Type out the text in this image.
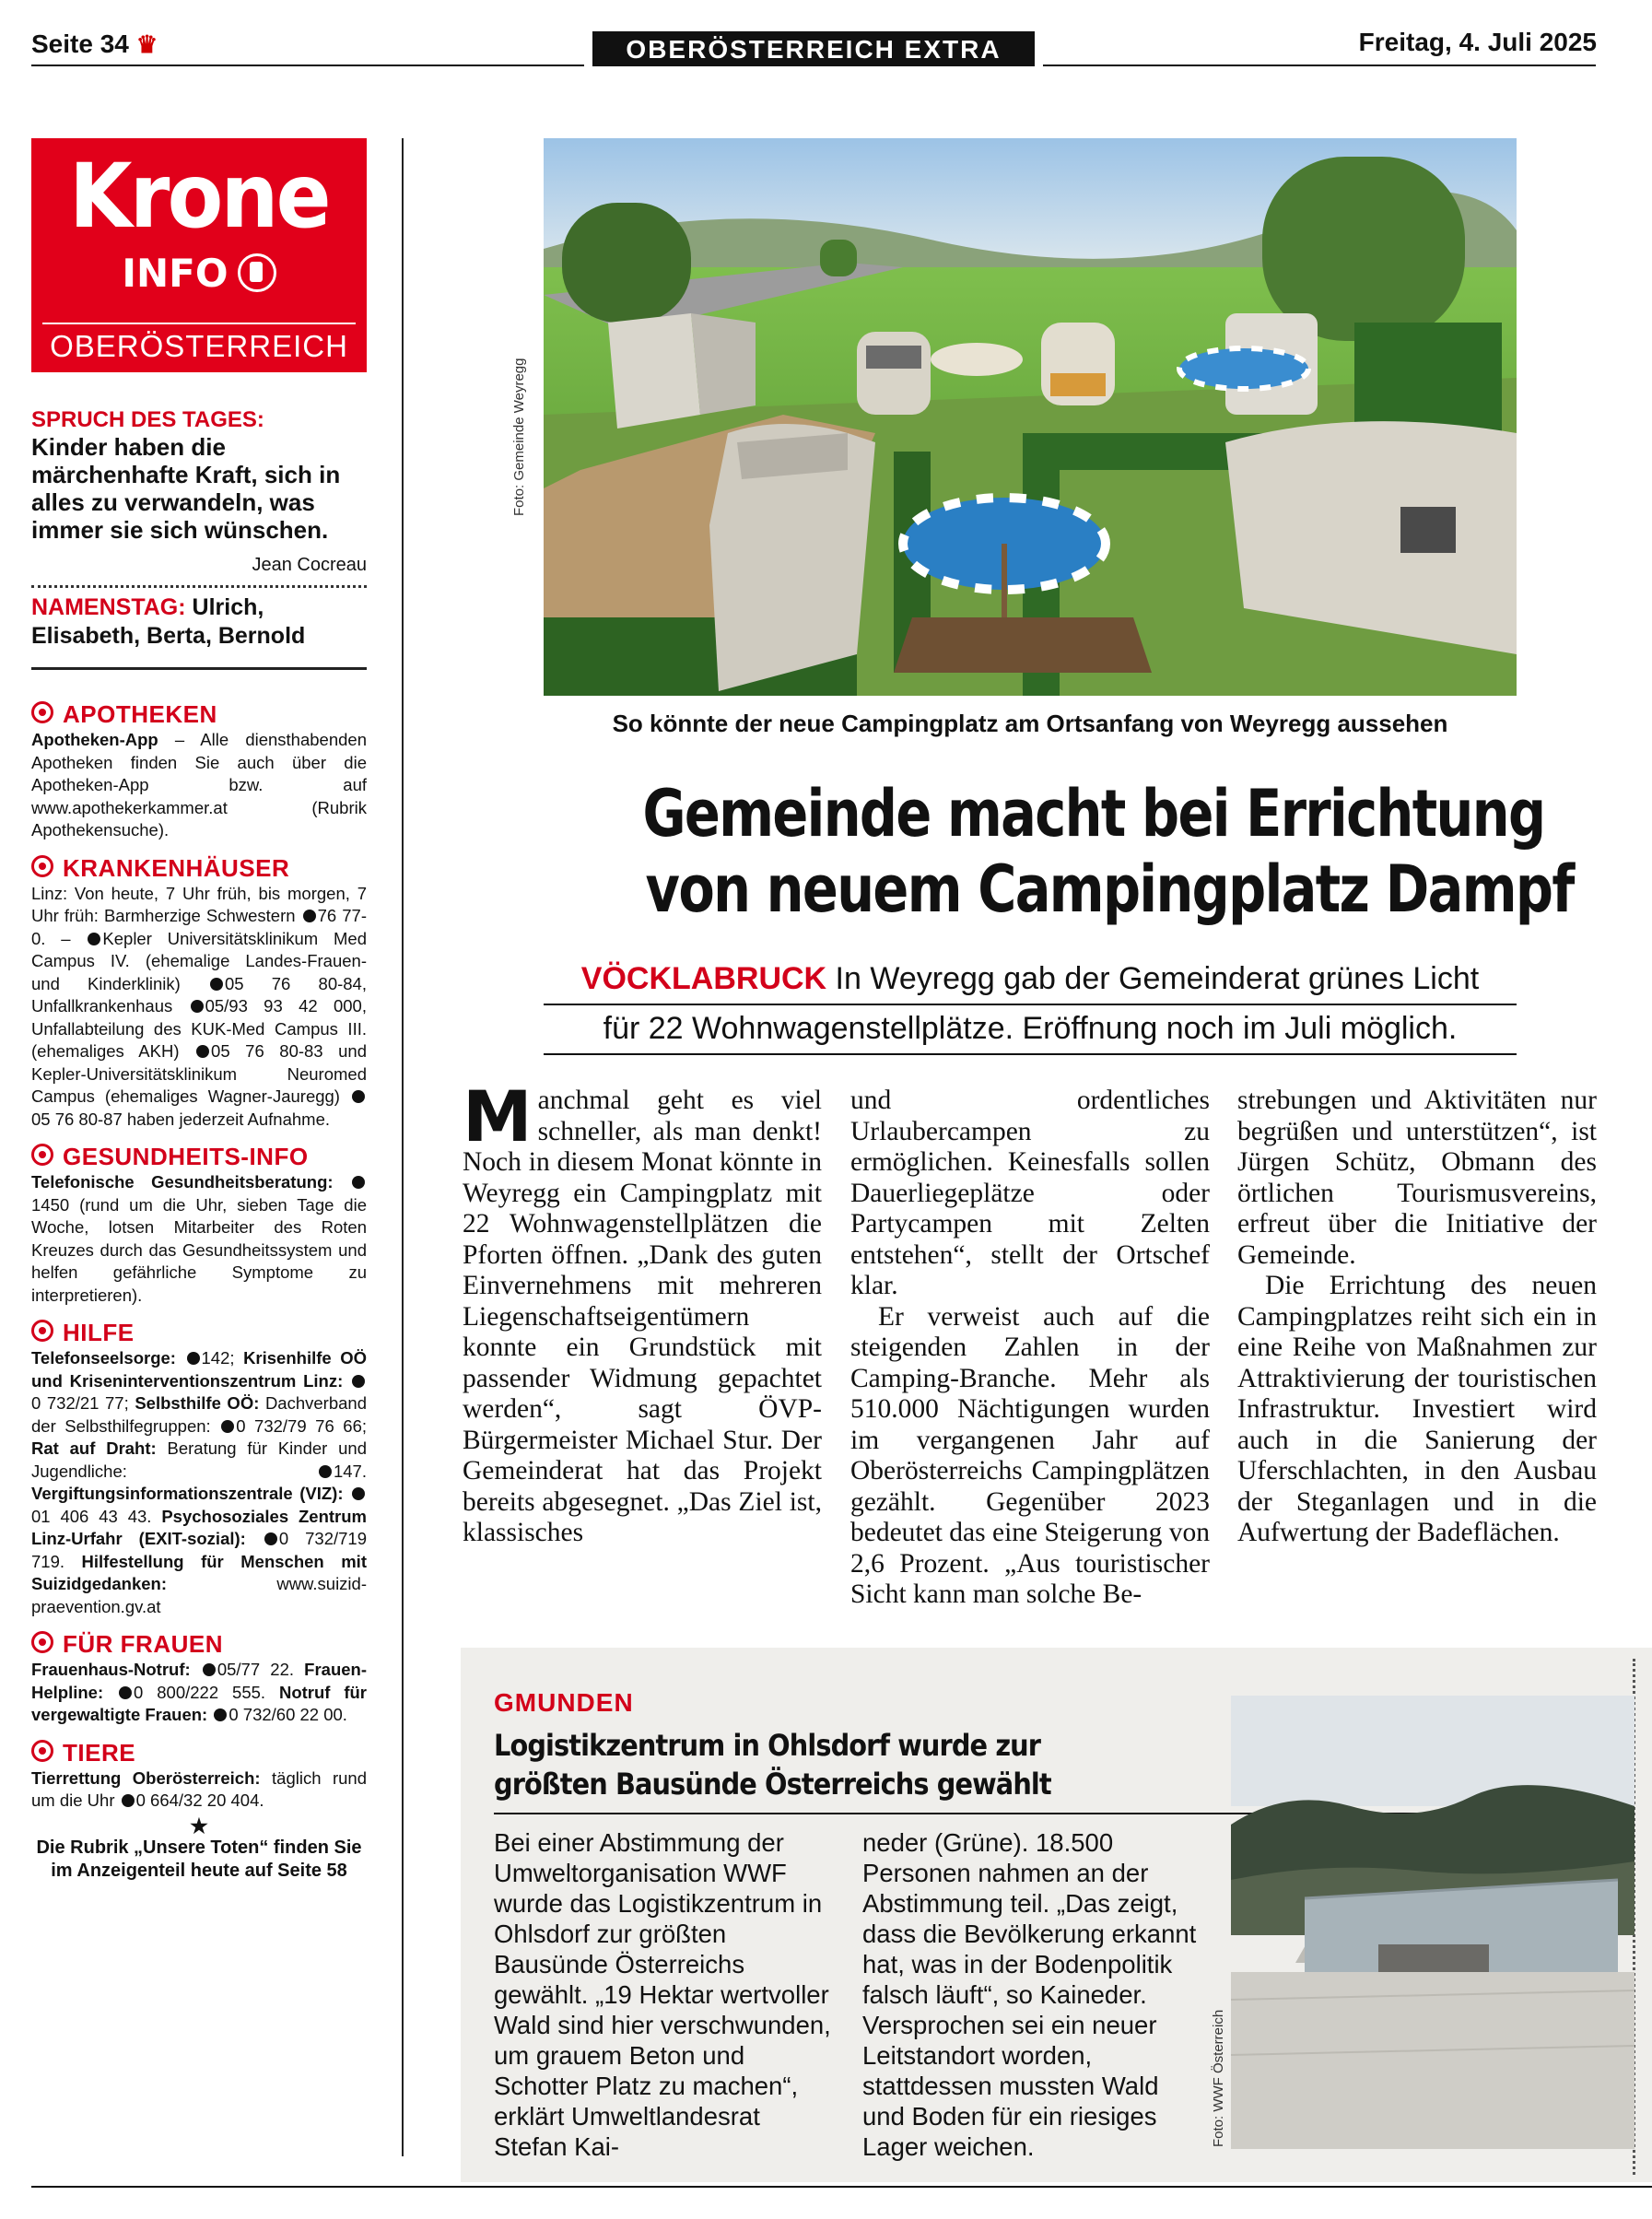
Seite 34 ♛	OBERÖSTERREICH EXTRA	Freitag, 4. Juli 2025
Krone
INFO
OBERÖSTERREICH
SPRUCH DES TAGES:
Kinder haben die märchenhafte Kraft, sich in alles zu verwandeln, was immer sie sich wünschen.
Jean Cocreau
NAMENSTAG: Ulrich, Elisabeth, Berta, Bernold
APOTHEKEN
Apotheken-App – Alle diensthabenden Apotheken finden Sie auch über die Apotheken-App bzw. auf www.apothekerkammer.at (Rubrik Apothekensuche).
KRANKENHÄUSER
Linz: Von heute, 7 Uhr früh, bis morgen, 7 Uhr früh: Barmherzige Schwestern 76 77-0. – Kepler Universitätsklinikum Med Campus IV. (ehemalige Landes-Frauen- und Kinderklinik) 05 76 80-84, Unfallkrankenhaus 05/93 93 42 000, Unfallabteilung des KUK-Med Campus III. (ehemaliges AKH) 05 76 80-83 und Kepler-Universitätsklinikum Neuromed Campus (ehemaliges Wagner-Jauregg) 05 76 80-87 haben jederzeit Aufnahme.
GESUNDHEITS-INFO
Telefonische Gesundheitsberatung: 1450 (rund um die Uhr, sieben Tage die Woche, lotsen Mitarbeiter des Roten Kreuzes durch das Gesundheitssystem und helfen gefährliche Symptome zu interpretieren).
HILFE
Telefonseelsorge: 142; Krisenhilfe OÖ und Kriseninterventionszentrum Linz: 0 732/21 77; Selbsthilfe OÖ: Dachverband der Selbsthilfegruppen: 0 732/79 76 66; Rat auf Draht: Beratung für Kinder und Jugendliche: 147. Vergiftungsinformationszentrale (VIZ): 01 406 43 43. Psychosoziales Zentrum Linz-Urfahr (EXIT-sozial): 0 732/719 719. Hilfestellung für Menschen mit Suizidgedanken: www.suizid-praevention.gv.at
FÜR FRAUEN
Frauenhaus-Notruf: 05/77 22. Frauen-Helpline: 0 800/222 555. Notruf für vergewaltigte Frauen: 0 732/60 22 00.
TIERE
Tierrettung Oberösterreich: täglich rund um die Uhr 0 664/32 20 404.
★
Die Rubrik „Unsere Toten“ finden Sie im Anzeigenteil heute auf Seite 58
Foto: Gemeinde Weyregg
So könnte der neue Campingplatz am Ortsanfang von Weyregg aussehen
Gemeinde macht bei Errichtung
von neuem Campingplatz Dampf
VÖCKLABRUCK In Weyregg gab der Gemeinderat grünes Licht
für 22 Wohnwagenstellplätze. Eröffnung noch im Juli möglich.

Manchmal geht es viel schneller, als man denkt! Noch in diesem Monat könnte in Weyregg ein Campingplatz mit 22 Wohnwagenstellplätzen die Pforten öffnen. „Dank des guten Einvernehmens mit mehreren Liegenschaftseigentümern konnte ein Grundstück mit passender Widmung gepachtet werden“, sagt ÖVP-Bürgermeister Michael Stur. Der Gemeinderat hat das Projekt bereits abgesegnet. „Das Ziel ist, klassisches

und ordentliches Urlaubercampen zu ermöglichen. Keinesfalls sollen Dauerliegeplätze oder Partycampen mit Zelten entstehen“, stellt der Ortschef klar.

Er verweist auch auf die steigenden Zahlen in der Camping-Branche. Mehr als 510.000 Nächtigungen wurden im vergangenen Jahr auf Oberösterreichs Campingplätzen gezählt. Gegenüber 2023 bedeutet das eine Steigerung von 2,6 Prozent. „Aus touristischer Sicht kann man solche Be-

strebungen und Aktivitäten nur begrüßen und unterstützen“, ist Jürgen Schütz, Obmann des örtlichen Tourismusvereins, erfreut über die Initiative der Gemeinde.

Die Errichtung des neuen Campingplatzes reiht sich ein in eine Reihe von Maßnahmen zur Attraktivierung der touristischen Infrastruktur. Investiert wird auch in die Sanierung der Uferschlachten, in den Ausbau der Steganlagen und in die Aufwertung der Badeflächen.

GMUNDEN
Logistikzentrum in Ohlsdorf wurde zur
größten Bausünde Österreichs gewählt

Bei einer Abstimmung der Umweltorganisation WWF wurde das Logistikzentrum in Ohlsdorf zur größten Bausünde Österreichs gewählt. „19 Hektar wertvoller Wald sind hier verschwunden, um grauem Beton und Schotter Platz zu machen“, erklärt Umweltlandesrat Stefan Kai-

neder (Grüne). 18.500 Personen nahmen an der Abstimmung teil. „Das zeigt, dass die Bevölkerung erkannt hat, was in der Bodenpolitik falsch läuft“, so Kaineder. Versprochen sei ein neuer Leitstandort worden, stattdessen mussten Wald und Boden für ein riesiges Lager weichen.	Foto: WWF Österreich
